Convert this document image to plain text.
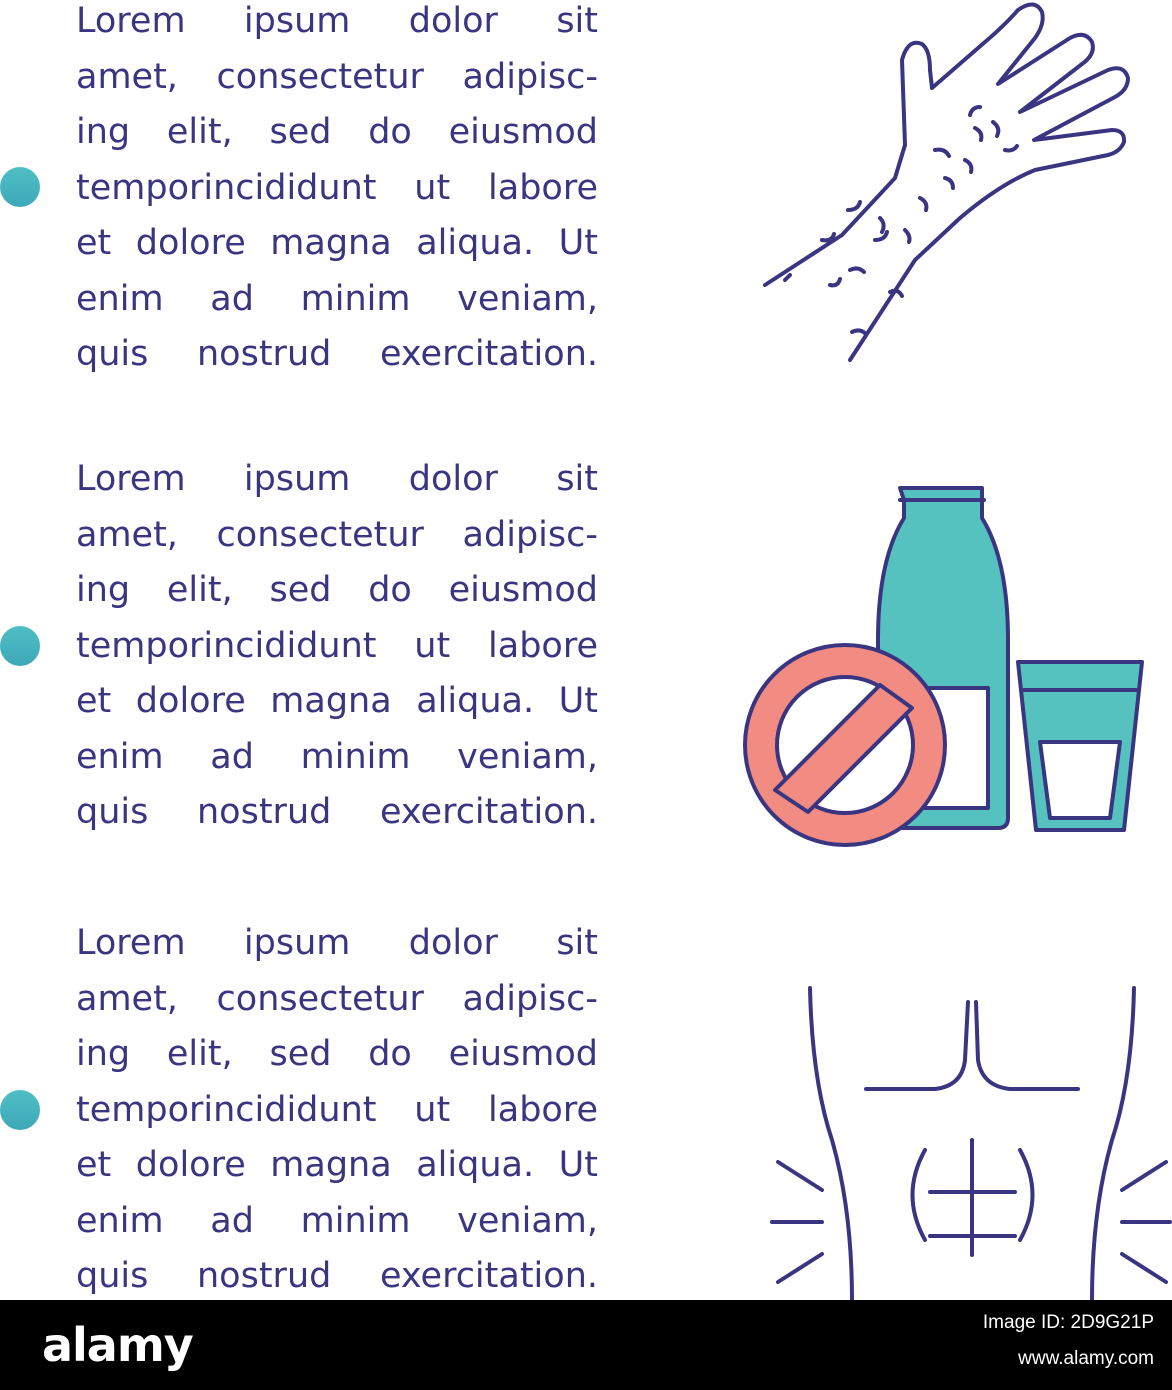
Lorem ipsum dolor sit
amet, consectetur adipisc-
ing elit, sed do eiusmod
temporincididunt ut labore
et dolore magna aliqua. Ut
enim ad minim veniam,
quis nostrud exercitation.
Lorem ipsum dolor sit
amet, consectetur adipisc-
ing elit, sed do eiusmod
temporincididunt ut labore
et dolore magna aliqua. Ut
enim ad minim veniam,
quis nostrud exercitation.
Lorem ipsum dolor sit
amet, consectetur adipisc-
ing elit, sed do eiusmod
temporincididunt ut labore
et dolore magna aliqua. Ut
enim ad minim veniam,
quis nostrud exercitation.
alamy	Image ID: 2D9G21P
www.alamy.com
